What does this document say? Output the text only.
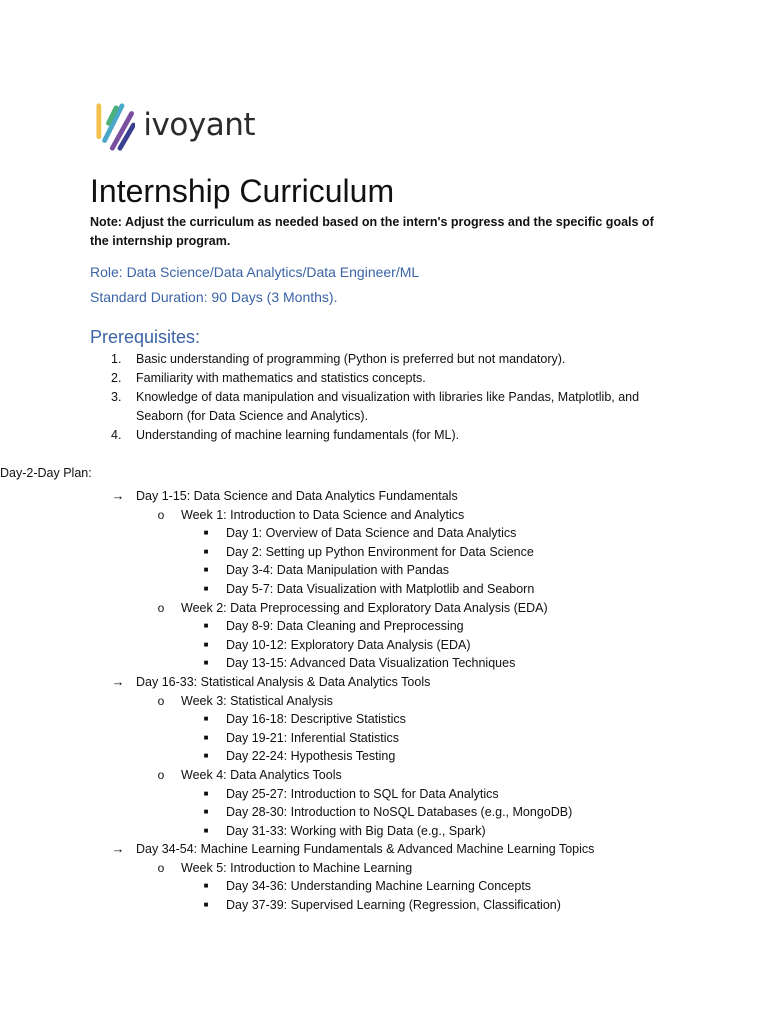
ivoyant
Internship Curriculum
Note: Adjust the curriculum as needed based on the intern's progress and the specific goals of the internship program.
Role: Data Science/Data Analytics/Data Engineer/ML
Standard Duration: 90 Days (3 Months).
Prerequisites:
1. Basic understanding of programming (Python is preferred but not mandatory).
2. Familiarity with mathematics and statistics concepts.
3. Knowledge of data manipulation and visualization with libraries like Pandas, Matplotlib, and Seaborn (for Data Science and Analytics).
4. Understanding of machine learning fundamentals (for ML).
Day-2-Day Plan:
→ Day 1-15: Data Science and Data Analytics Fundamentals
o	Week 1: Introduction to Data Science and Analytics
■	Day 1: Overview of Data Science and Data Analytics
■	Day 2: Setting up Python Environment for Data Science
■	Day 3-4: Data Manipulation with Pandas
■	Day 5-7: Data Visualization with Matplotlib and Seaborn
o	Week 2: Data Preprocessing and Exploratory Data Analysis (EDA)
■	Day 8-9: Data Cleaning and Preprocessing
■	Day 10-12: Exploratory Data Analysis (EDA)
■	Day 13-15: Advanced Data Visualization Techniques
→ Day 16-33: Statistical Analysis & Data Analytics Tools
o	Week 3: Statistical Analysis
■	Day 16-18: Descriptive Statistics
■	Day 19-21: Inferential Statistics
■	Day 22-24: Hypothesis Testing
o	Week 4: Data Analytics Tools
■	Day 25-27: Introduction to SQL for Data Analytics
■	Day 28-30: Introduction to NoSQL Databases (e.g., MongoDB)
■	Day 31-33: Working with Big Data (e.g., Spark)
→ Day 34-54: Machine Learning Fundamentals & Advanced Machine Learning Topics
o	Week 5: Introduction to Machine Learning
■	Day 34-36: Understanding Machine Learning Concepts
■	Day 37-39: Supervised Learning (Regression, Classification)
